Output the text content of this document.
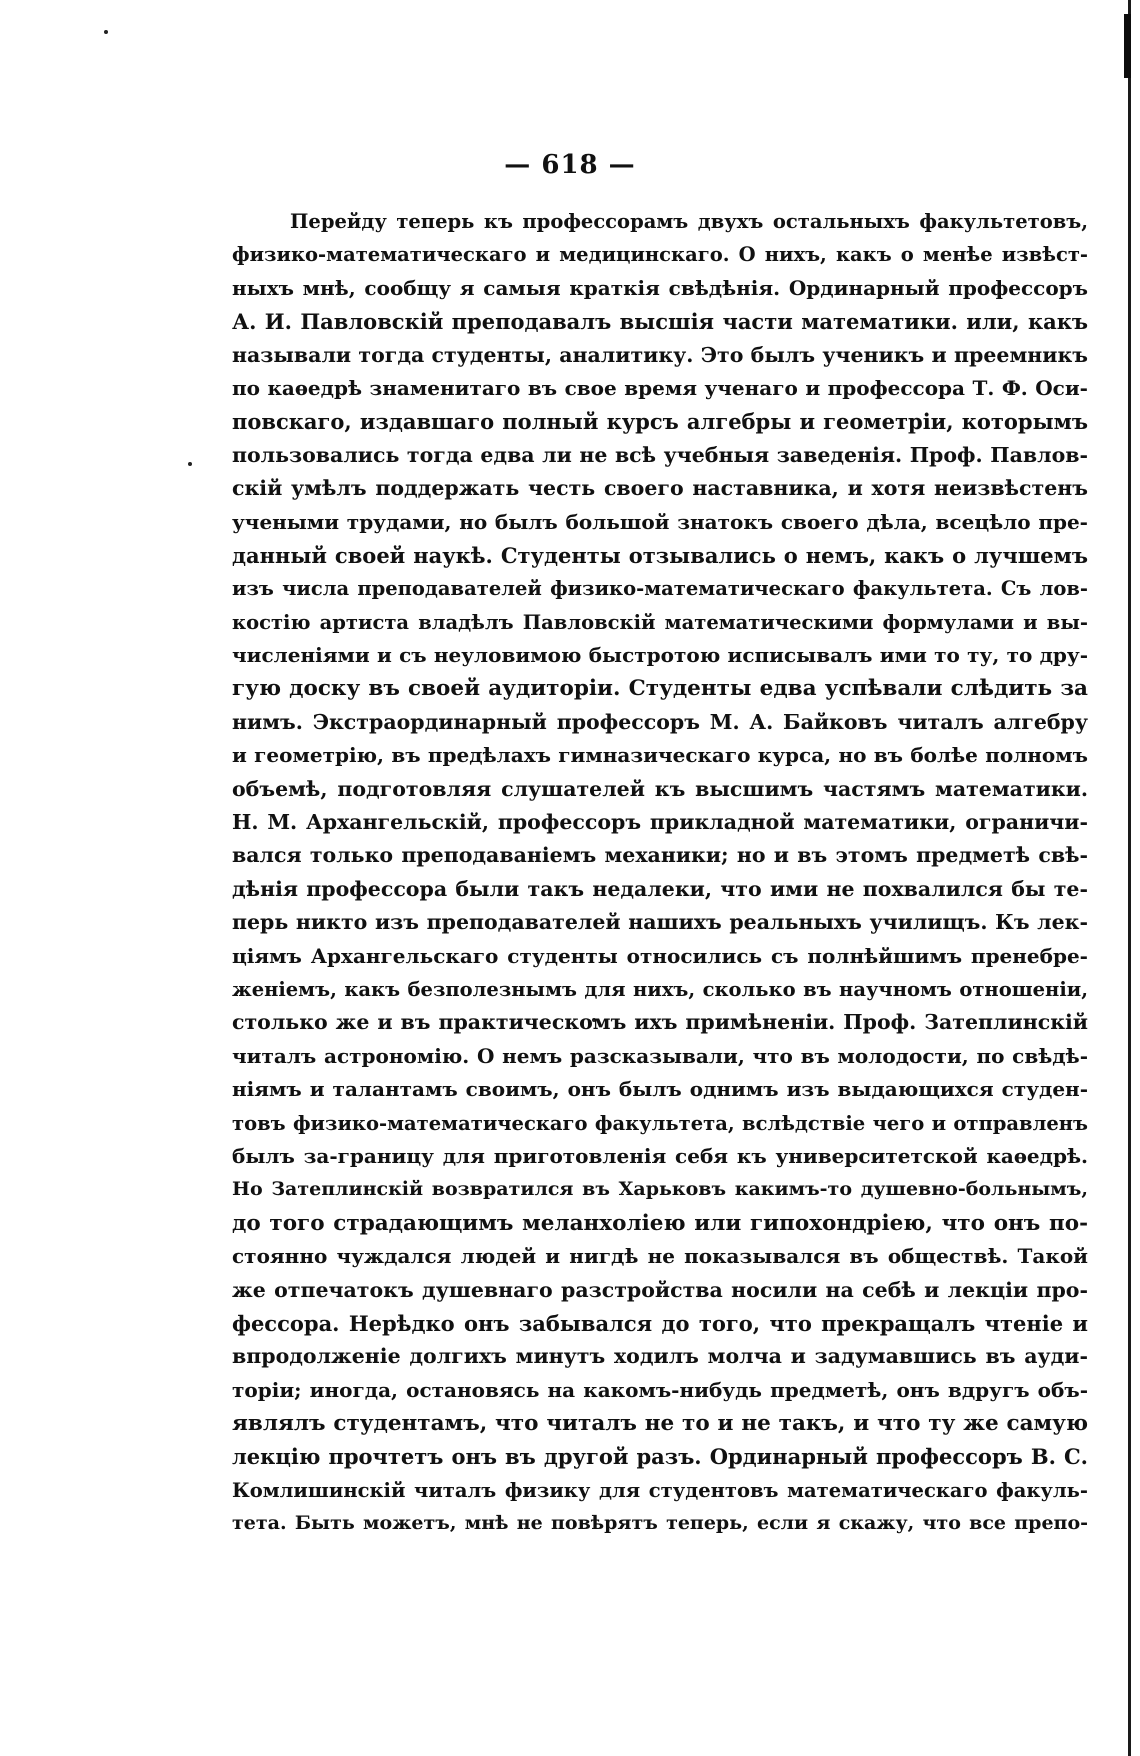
— 618 —
Перейду теперь къ профессорамъ двухъ остальныхъ факультетовъ,
физико-математическаго и медицинскаго. О нихъ, какъ о менѣе извѣст-
ныхъ мнѣ, сообщу я самыя краткія свѣдѣнія. Ординарный профессоръ
А. И. Павловскій преподавалъ высшія части математики. или, какъ
называли тогда студенты, аналитику. Это былъ ученикъ и преемникъ
по каѳедрѣ знаменитаго въ свое время ученаго и профессора Т. Ф. Оси-
повскаго, издавшаго полный курсъ алгебры и геометріи, которымъ
пользовались тогда едва ли не всѣ учебныя заведенія. Проф. Павлов-
скій умѣлъ поддержать честь своего наставника, и хотя неизвѣстенъ
учеными трудами, но былъ большой знатокъ своего дѣла, всецѣло пре-
данный своей наукѣ. Студенты отзывались о немъ, какъ о лучшемъ
изъ числа преподавателей физико-математическаго факультета. Съ лов-
костію артиста владѣлъ Павловскій математическими формулами и вы-
численіями и съ неуловимою быстротою исписывалъ ими то ту, то дру-
гую доску въ своей аудиторіи. Студенты едва успѣвали слѣдить за
нимъ. Экстраординарный профессоръ М. А. Байковъ читалъ алгебру
и геометрію, въ предѣлахъ гимназическаго курса, но въ болѣе полномъ
объемѣ, подготовляя слушателей къ высшимъ частямъ математики.
Н. М. Архангельскій, профессоръ прикладной математики, ограничи-
вался только преподаваніемъ механики; но и въ этомъ предметѣ свѣ-
дѣнія профессора были такъ недалеки, что ими не похвалился бы те-
перь никто изъ преподавателей нашихъ реальныхъ училищъ. Къ лек-
ціямъ Архангельскаго студенты относились съ полнѣйшимъ пренебре-
женіемъ, какъ безполезнымъ для нихъ, сколько въ научномъ отношеніи,
столько же и въ практическомъ ихъ примѣненіи. Проф. Затеплинскій
читалъ астрономію. О немъ разсказывали, что въ молодости, по свѣдѣ-
ніямъ и талантамъ своимъ, онъ былъ однимъ изъ выдающихся студен-
товъ физико-математическаго факультета, вслѣдствіе чего и отправленъ
былъ за-границу для приготовленія себя къ университетской каѳедрѣ.
Но Затеплинскій возвратился въ Харьковъ какимъ-то душевно-больнымъ,
до того страдающимъ меланхоліею или гипохондріею, что онъ по-
стоянно чуждался людей и нигдѣ не показывался въ обществѣ. Такой
же отпечатокъ душевнаго разстройства носили на себѣ и лекціи про-
фессора. Нерѣдко онъ забывался до того, что прекращалъ чтеніе и
впродолженіе долгихъ минутъ ходилъ молча и задумавшись въ ауди-
торіи; иногда, остановясь на какомъ-нибудь предметѣ, онъ вдругъ объ-
являлъ студентамъ, что читалъ не то и не такъ, и что ту же самую
лекцію прочтетъ онъ въ другой разъ. Ординарный профессоръ В. С.
Комлишинскій читалъ физику для студентовъ математическаго факуль-
тета. Быть можетъ, мнѣ не повѣрятъ теперь, если я скажу, что все препо-
